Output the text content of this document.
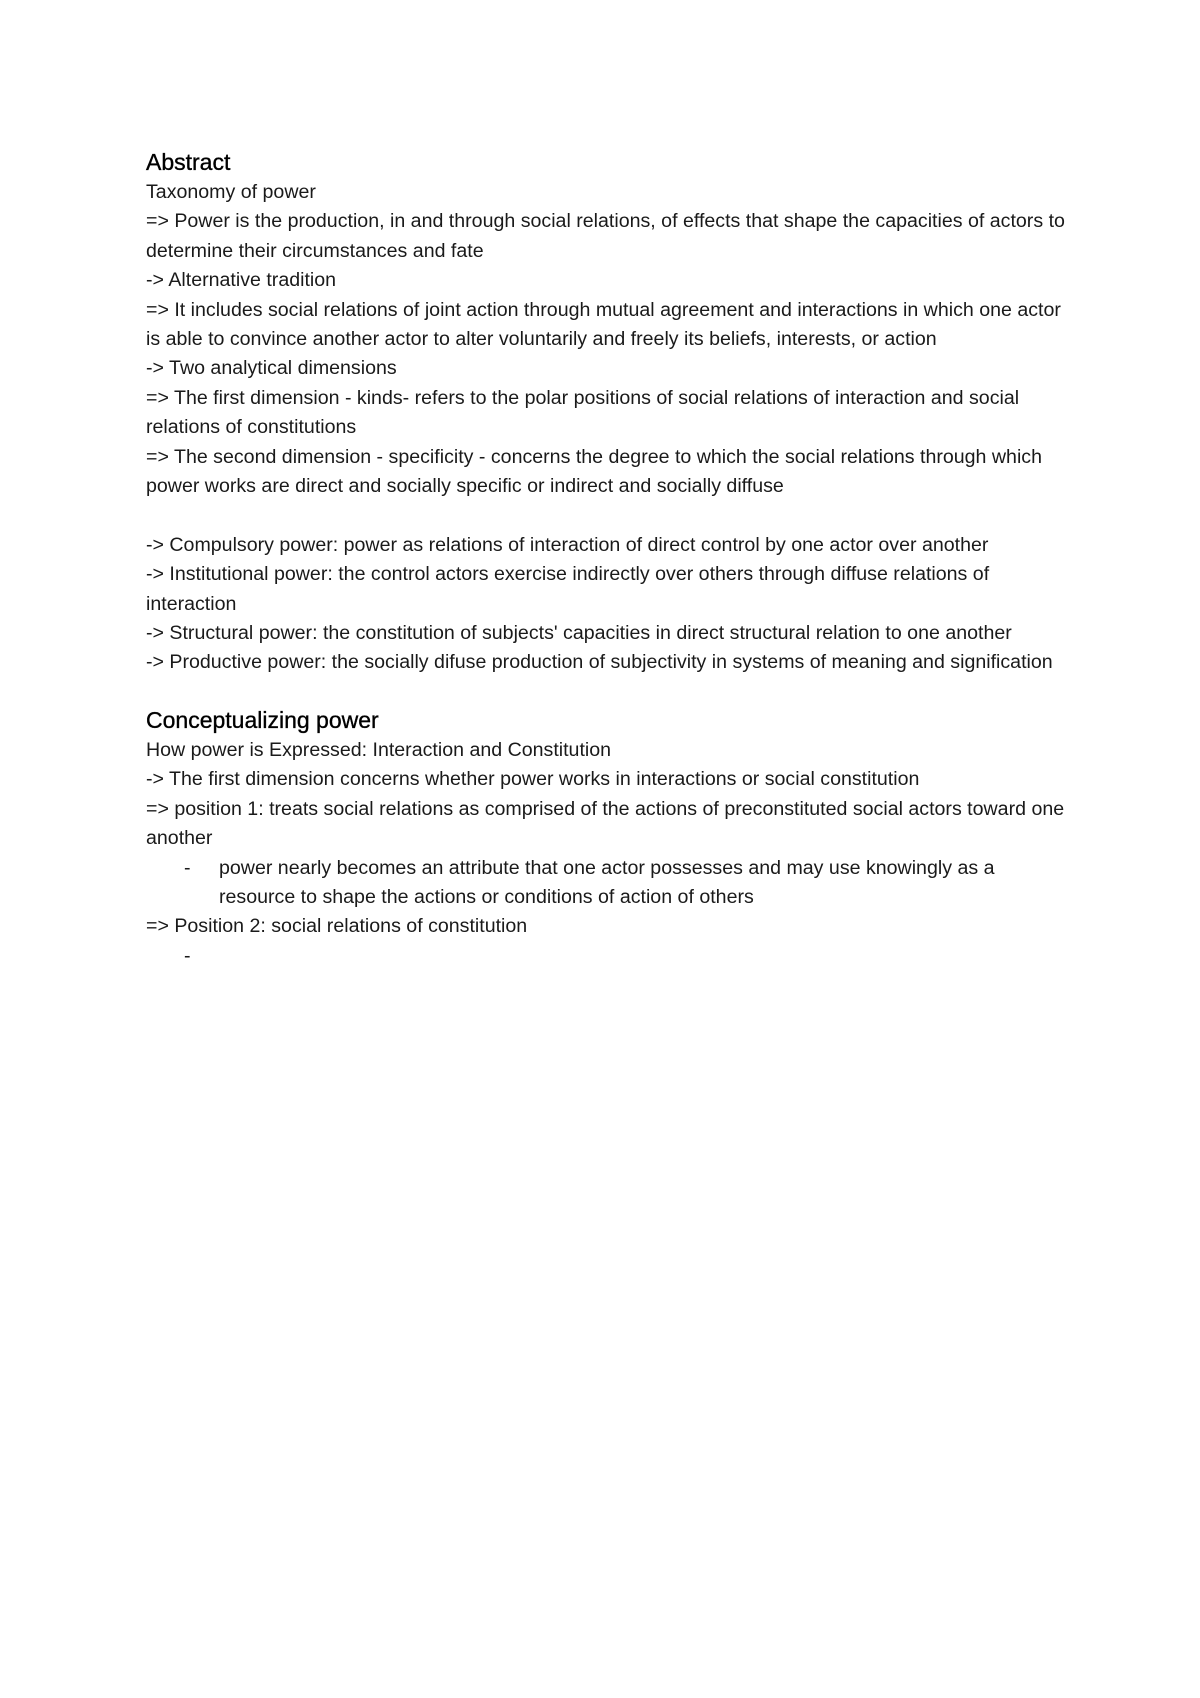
Abstract

Taxonomy of power

=> Power is the production, in and through social relations, of effects that shape the capacities of actors to determine their circumstances and fate

-> Alternative tradition

=> It includes social relations of joint action through mutual agreement and interactions in which one actor is able to convince another actor to alter voluntarily and freely its beliefs, interests, or action

-> Two analytical dimensions

=> The first dimension - kinds- refers to the polar positions of social relations of interaction and social relations of constitutions

=> The second dimension - specificity - concerns the degree to which the social relations through which power works are direct and socially specific or indirect and socially diffuse

-> Compulsory power: power as relations of interaction of direct control by one actor over another

-> Institutional power: the control actors exercise indirectly over others through diffuse relations of interaction

-> Structural power: the constitution of subjects' capacities in direct structural relation to one another

-> Productive power: the socially difuse production of subjectivity in systems of meaning and signification

Conceptualizing power

How power is Expressed: Interaction and Constitution

-> The first dimension concerns whether power works in interactions or social constitution

=> position 1: treats social relations as comprised of the actions of preconstituted social actors toward one another

- power nearly becomes an attribute that one actor possesses and may use knowingly as a resource to shape the actions or conditions of action of others

=> Position 2: social relations of constitution

-
